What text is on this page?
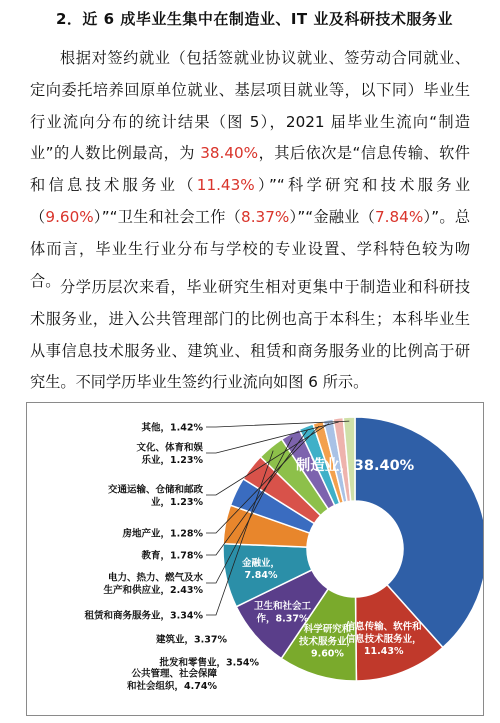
2．近 6 成毕业生集中在制造业、IT 业及科研技术服务业

根据对签约就业（包括签就业协议就业、签劳动合同就业、定向委托培养回原单位就业、基层项目就业等，以下同）毕业生行业流向分布的统计结果（图 5），2021 届毕业生流向“制造业”的人数比例最高，为 38.40%，其后依次是“信息传输、软件和信息技术服务业（11.43%）”“科学研究和技术服务业（9.60%）”“卫生和社会工作（8.37%）”“金融业（7.84%）”。总体而言，毕业生行业分布与学校的专业设置、学科特色较为吻合。 分学历层次来看，毕业研究生相对更集中于制造业和科研技术服务业，进入公共管理部门的比例也高于本科生；本科毕业生从事信息技术服务业、建筑业、租赁和商务服务业的比例高于研究生。不同学历毕业生签约行业流向如图 6 所示。

制造业，38.40%
信息传输、软件和
信息技术服务业，
11.43%
科学研究和
技术服务业，
9.60%
卫生和社会工
作，8.37%
金融业，
7.84%
公共管理、社会保障
和社会组织，4.74%
批发和零售业，3.54%
建筑业，3.37%
租赁和商务服务业，3.34%
电力、热力、燃气及水
生产和供应业，2.43%
教育，1.78%
房地产业，1.28%
交通运输、仓储和邮政
业，1.23%
文化、体育和娱
乐业，1.23%
其他，1.42%
